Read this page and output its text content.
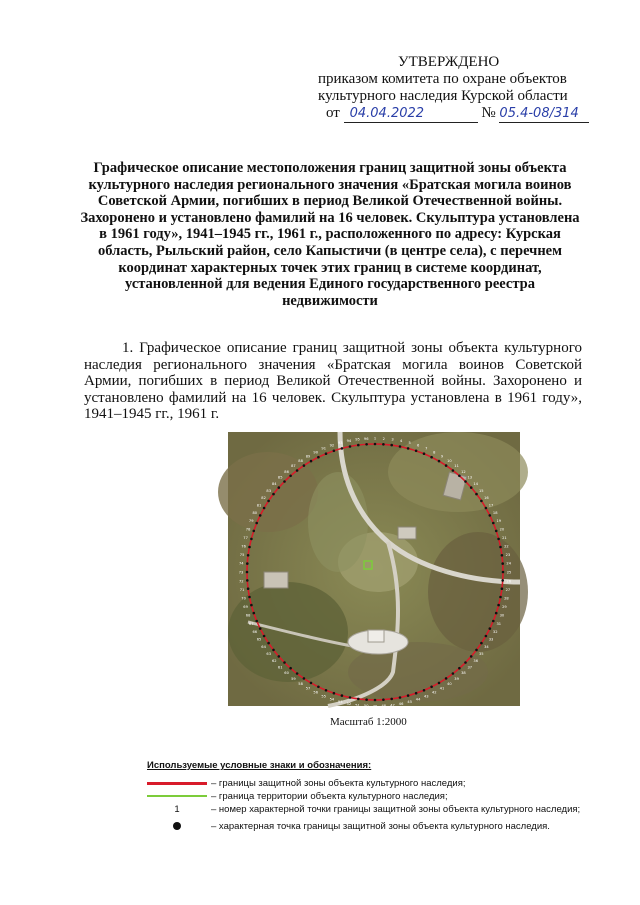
УТВЕРЖДЕНО
приказом комитета по охране объектов
культурного наследия Курской области
от 04.04.2022	№ 05.4-08/314
Графическое описание местоположения границ защитной зоны объекта культурного наследия регионального значения «Братская могила воинов Советской Армии, погибших в период Великой Отечественной войны. Захоронено и установлено фамилий на 16 человек. Скульптура установлена в 1961 году», 1941–1945 гг., 1961 г., расположенного по адресу: Курская область, Рыльский район, село Капыстичи (в центре села), с перечнем координат характерных точек этих границ в системе координат, установленной для ведения Единого государственного реестра недвижимости
1. Графическое описание границ защитной зоны объекта культурного наследия регионального значения «Братская могила воинов Советской Армии, погибших в период Великой Отечественной войны. Захоронено и установлено фамилий на 16 человек. Скульптура установлена в 1961 году», 1941–1945 гг., 1961 г.
1 2 3 4 5
6
7
8
9
10
11
12
13
14
15
16
17
18
19
20
21
22
23
24
25
26
27
28
29
30
31
32
33
34
35
36
37
38
39
40
41
42
43
44
45
46
47
48
49
50
51
52
53
54
55
56
57
58
59
60
61
62
63
64
65
66
67
68
69
70
71
72
73
74
75
76
77
78
79
80
81
82
83
84
85
86
87
88
89
90
91
92
93 94 95 96
Масштаб 1:2000
Используемые условные знаки и обозначения:
– границы защитной зоны объекта культурного наследия;
– граница территории объекта культурного наследия;
1	– номер характерной точки границы защитной зоны объекта культурного наследия;
– характерная точка границы защитной зоны объекта культурного наследия.
